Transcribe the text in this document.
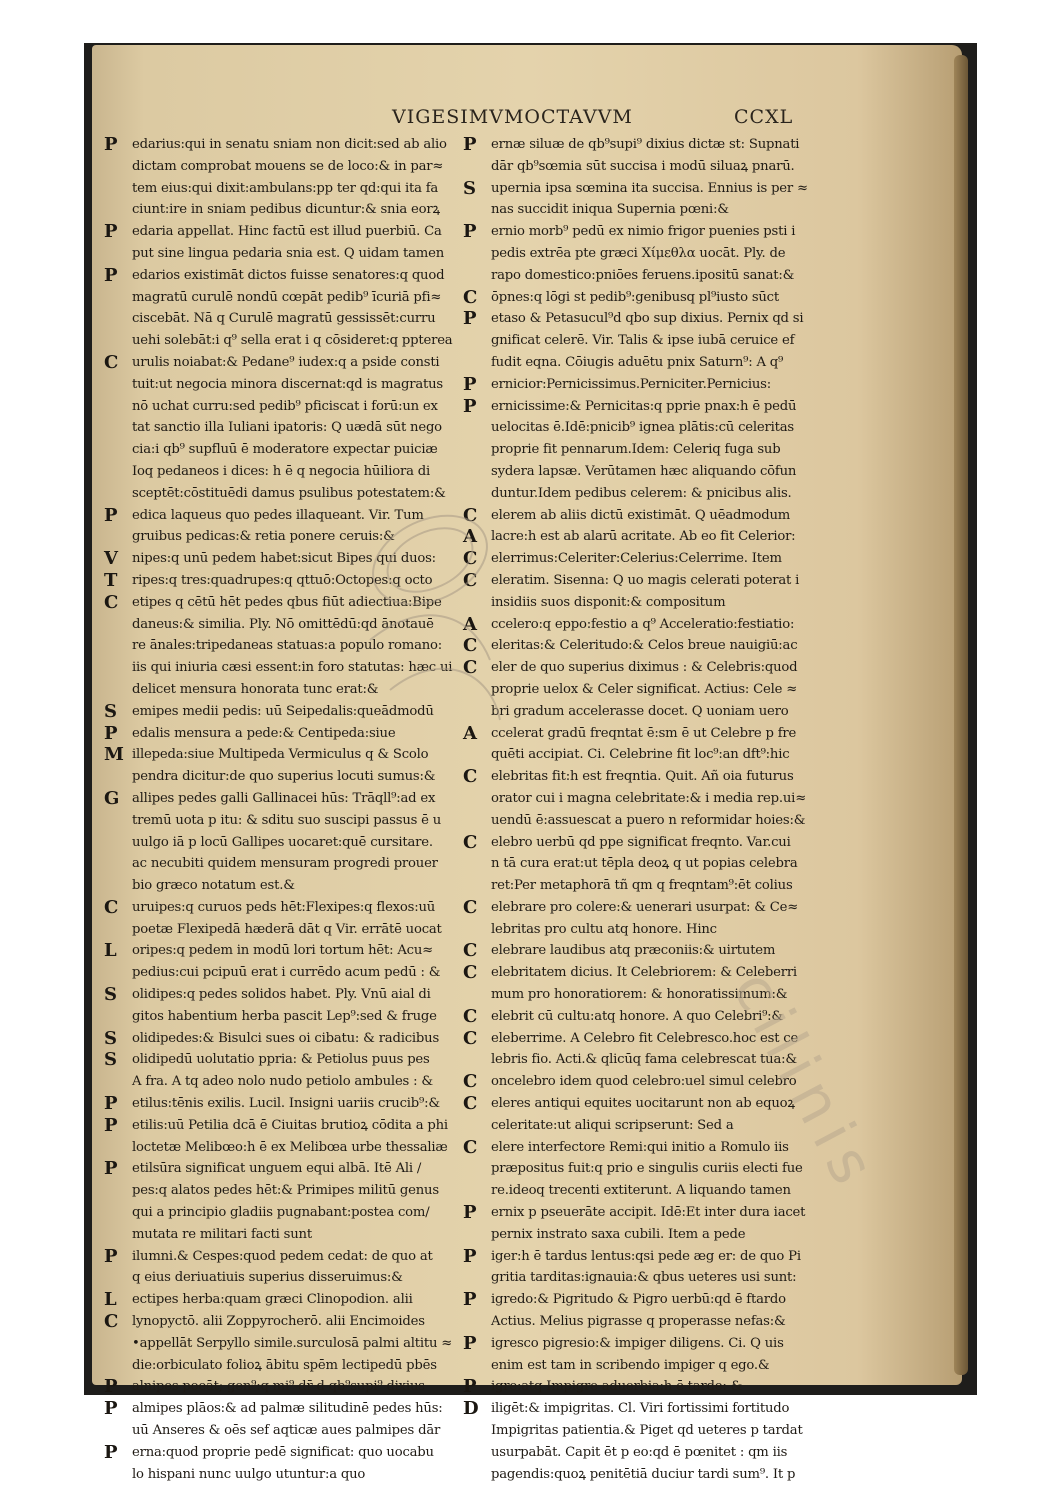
VIGESIMVMOCTAVVM	CCXL
P	edarius:qui in senatu sniam non dicit:sed ab alio
dictam comprobat mouens se de loco:& in par≈
tem eius:qui dixit:ambulans:pp ter qd:qui ita fa
ciunt:ire in sniam pedibus dicuntur:& snia eorꝝ
P	edaria appellat. Hinc factū est illud puerbiū. Ca
put sine lingua pedaria snia est. Q uidam tamen
P	edarios existimāt dictos fuisse senatores:q quod
magratū curulē nondū cœpāt pedib⁹ īcuriā pfi≈
ciscebāt. Nā q Curulē magratū gessissēt:curru
uehi solebāt:i q⁹ sella erat i q cōsideret:q ppterea
C	urulis noiabat:& Pedane⁹ iudex:q a pside consti
tuit:ut negocia minora discernat:qd is magratus
nō uchat curru:sed pedib⁹ pficiscat i forū:un ex
tat sanctio illa Iuliani ipatoris: Q uædā sūt nego
cia:i qb⁹ supfluū ē moderatore expectar puiciæ
Ioq pedaneos i dices: h ē q negocia hūiliora di
sceptēt:cōstituēdi damus psulibus potestatem:&
P	edica laqueus quo pedes illaqueant. Vir. Tum
gruibus pedicas:& retia ponere ceruis:&
V	nipes:q unū pedem habet:sicut Bipes qui duos:
T	ripes:q tres:quadrupes:q qttuō:Octopes:q octo
C	etipes q cētū hēt pedes qbus fiūt adiectiua:Bipe
daneus:& similia. Ply. Nō omittēdū:qd ānotauē
re ānales:tripedaneas statuas:a populo romano:
iis qui iniuria cæsi essent:in foro statutas: hæc ui
delicet mensura honorata tunc erat:&
S	emipes medii pedis: uū Seipedalis:queādmodū
P	edalis mensura a pede:& Centipeda:siue
M illepeda:siue Multipeda Vermiculus q & Scolo
pendra dicitur:de quo superius locuti sumus:&
G allipes pedes galli Gallinacei hūs: Trāqll⁹:ad ex
tremū uota p itu: & sditu suo suscipi passus ē u
uulgo iā p locū Gallipes uocaret:quē cursitare.
ac necubiti quidem mensuram progredi prouer
bio græco notatum est.&
C	uruipes:q curuos peds hēt:Flexipes:q flexos:uū
poetæ Flexipedā hæderā dāt q Vir. errātē uocat
L	oripes:q pedem in modū lori tortum hēt: Acu≈
pedius:cui pcipuū erat i currēdo acum pedū : &
S	olidipes:q pedes solidos habet. Ply. Vnū aial di
gitos habentium herba pascit Lep⁹:sed & fruge
S	olidipedes:& Bisulci sues oi cibatu: & radicibus
S	olidipedū uolutatio ppria: & Petiolus puus pes
A fra. A tq adeo nolo nudo petiolo ambules : &
P	etilus:tēnis exilis. Lucil. Insigni uariis crucib⁹:&
P	etilis:uū Petilia dcā ē Ciuitas brutioꝝ cōdita a phi
loctetæ Melibœo:h ē ex Melibœa urbe thessaliæ
P	etilsūra significat unguem equi albā. Itē Ali /
pes:q alatos pedes hēt:& Primipes militū genus
qui a principio gladiis pugnabant:postea com/
mutata re militari facti sunt
P	ilumni.& Cespes:quod pedem cedat: de quo at
q eius deriuatiuis superius disseruimus:&
L	ectipes herba:quam græci Clinopodion. alii
C	lynopyctō. alii Zoppyrocherō. alii Encimoides
•appellāt Serpyllo simile.surculosā palmi altitu ≈
die:orbiculato folioꝝ ābitu spēm lectipedū pbēs
P	alnipes poeāt; gen⁹:q mi⁹ dr̄ d qb⁹supi⁹ dixius
P	almipes plāos:& ad palmæ silitudinē pedes hūs:
uū Anseres & oēs sef aqticæ aues palmipes dār
P	erna:quod proprie pedē significat: quo uocabu
lo hispani nunc uulgo utuntur:a quo
P	ernæ siluæ de qb⁹supi⁹ dixius dictæ st: Supnati
dār qb⁹sœmia sūt succisa i modū siluaꝝ pnarū.
S	upernia ipsa sœmina ita succisa. Ennius is per ≈
nas succidit iniqua Supernia pœni:&
P	ernio morb⁹ pedū ex nimio frigor puenies psti i
pedis extrēa pte græci Χίμεθλα uocāt. Ply. de
rapo domestico:pniōes feruens.ipositū sanat:&
C	ōpnes:q lōgi st pedib⁹:genibusq pl⁹iusto sūct
P	etaso & Petasucul⁹d qbo sup dixius. Pernix qd si
gnificat celerē. Vir. Talis & ipse iubā ceruice ef
fudit eqna. Cōiugis aduētu pnix Saturn⁹: A q⁹
P	ernicior:Pernicissimus.Perniciter.Pernicius:
P	ernicissime:& Pernicitas:q pprie pnax:h ē pedū
uelocitas ē.Idē:pnicib⁹ ignea plātis:cū celeritas
proprie fit pennarum.Idem: Celeriq fuga sub
sydera lapsæ. Verūtamen hæc aliquando cōfun
duntur.Idem pedibus celerem: & pnicibus alis.
C	elerem ab aliis dictū existimāt. Q uēadmodum
A	lacre:h est ab alarū acritate. Ab eo fit Celerior:
C	elerrimus:Celeriter:Celerius:Celerrime. Item
C	eleratim. Sisenna: Q uo magis celerati poterat i
insidiis suos disponit:& compositum
A	ccelero:q eppo:festio a q⁹ Acceleratio:festiatio:
C	eleritas:& Celeritudo:& Celos breue nauigiū:ac
C	eler de quo superius diximus : & Celebris:quod
proprie uelox & Celer significat. Actius: Cele ≈
bri gradum accelerasse docet. Q uoniam uero
A	ccelerat gradū freqntat ē:sm ē ut Celebre p fre
quēti accipiat. Ci. Celebrine fit loc⁹:an dft⁹:hic
C	elebritas fit:h est freqntia. Quit. Añ oia futurus
orator cui i magna celebritate:& i media rep.ui≈
uendū ē:assuescat a puero n reformidar hoies:&
C	elebro uerbū qd ppe significat freqnto. Var.cui
n tā cura erat:ut tēpla deoꝝ q ut popias celebra
ret:Per metaphorā tñ qm q freqntam⁹:ēt colius
C	elebrare pro colere:& uenerari usurpat: & Ce≈
lebritas pro cultu atq honore. Hinc
C	elebrare laudibus atq præconiis:& uirtutem
C	elebritatem dicius. It Celebriorem: & Celeberri
mum pro honoratiorem: & honoratissimum:&
C	elebrit cū cultu:atq honore. A quo Celebri⁹:&
C	eleberrime. A Celebro fit Celebresco.hoc est ce
lebris fio. Acti.& qlicūq fama celebrescat tua:&
C	oncelebro idem quod celebro:uel simul celebro
C	eleres antiqui equites uocitarunt non ab equoꝝ
celeritate:ut aliqui scripserunt: Sed a
C	elere interfectore Remi:qui initio a Romulo iis
præpositus fuit:q prio e singulis curiis electi fue
re.ideoq trecenti extiterunt. A liquando tamen
P	ernix p pseuerāte accipit. Idē:Et inter dura iacet
pernix instrato saxa cubili. Item a pede
P	iger:h ē tardus lentus:qsi pede æg er: de quo Pi
gritia tarditas:ignauia:& qbus ueteres usi sunt:
P	igredo:& Pigritudo & Pigro uerbū:qd ē ftardo
Actius. Melius pigrasse q properasse nefas:&
P	igresco pigresio:& impiger diligens. Ci. Q uis
enim est tam in scribendo impiger q ego.&
P	igre:atq Impigre aduerbia:h ē tarde: &
D iligēt:& impigritas. Cl. Viri fortissimi fortitudo
Impigritas patientia.& Piget qd ueteres p tardat
usurpabāt. Capit ēt p eo:qd ē pœnitet : qm iis
pagendis:quoꝝ penitētiā duciur tardi sum⁹. It p
cilinis
